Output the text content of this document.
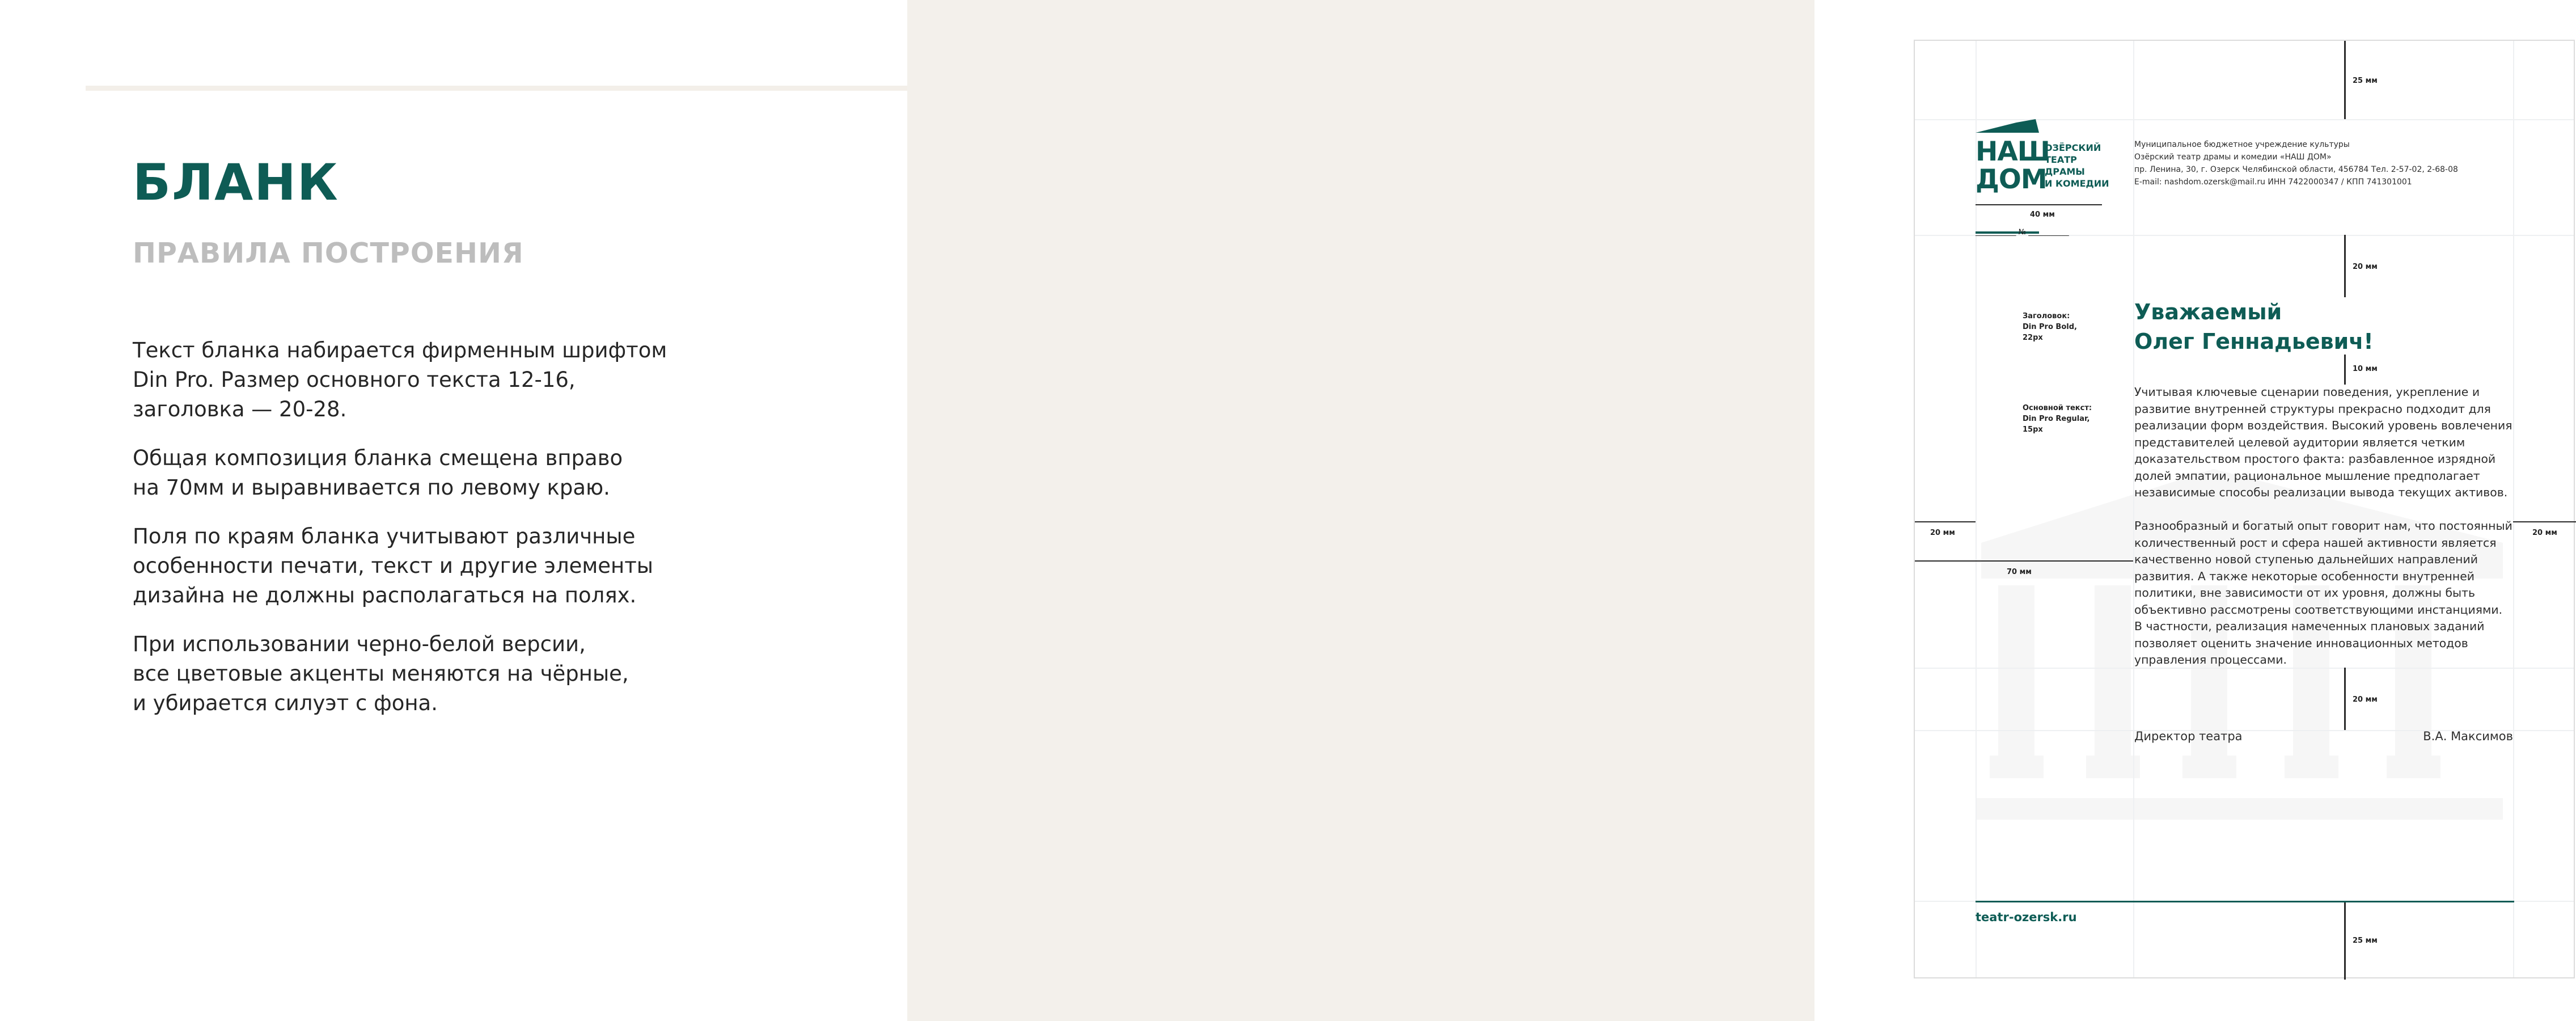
БЛАНК
ПРАВИЛА ПОСТРОЕНИЯ

Текст бланка набирается фирменным шрифтом
Din Pro. Размер основного текста 12-16,
заголовка — 20-28.

Общая композиция бланка смещена вправо
на 70мм и выравнивается по левому краю.

Поля по краям бланка учитывают различные
особенности печати, текст и другие элементы
дизайна не должны располагаться на полях.

При использовании черно-белой версии,
все цветовые акценты меняются на чёрные,
и убирается силуэт с фона.

25 мм
40 мм
20 мм
10 мм
20 мм	20 мм
70 мм
20 мм
25 мм
Заголовок:
Din Pro Bold,
22px
Основной текст:
Din Pro Regular,
15px
НАШ
ДОМ
ОЗЁРСКИЙ
ТЕАТР
ДРАМЫ
И КОМЕДИИ
___________ № ___________
Муниципальное бюджетное учреждение культуры
Озёрский театр драмы и комедии «НАШ ДОМ»
пр. Ленина, 30, г. Озерск Челябинской области, 456784 Тел. 2-57-02, 2-68-08
E-mail: nashdom.ozersk@mail.ru ИНН 7422000347 / КПП 741301001
Уважаемый
Олег Геннадьевич!

Учитывая ключевые сценарии поведения, укрепление и
развитие внутренней структуры прекрасно подходит для
реализации форм воздействия. Высокий уровень вовлечения
представителей целевой аудитории является четким
доказательством простого факта: разбавленное изрядной
долей эмпатии, рациональное мышление предполагает
независимые способы реализации вывода текущих активов.

Разнообразный и богатый опыт говорит нам, что постоянный
количественный рост и сфера нашей активности является
качественно новой ступенью дальнейших направлений
развития. А также некоторые особенности внутренней
политики, вне зависимости от их уровня, должны быть
объективно рассмотрены соответствующими инстанциями.
В частности, реализация намеченных плановых заданий
позволяет оценить значение инновационных методов
управления процессами.

Директор театра	В.А. Максимов
teatr-ozersk.ru
